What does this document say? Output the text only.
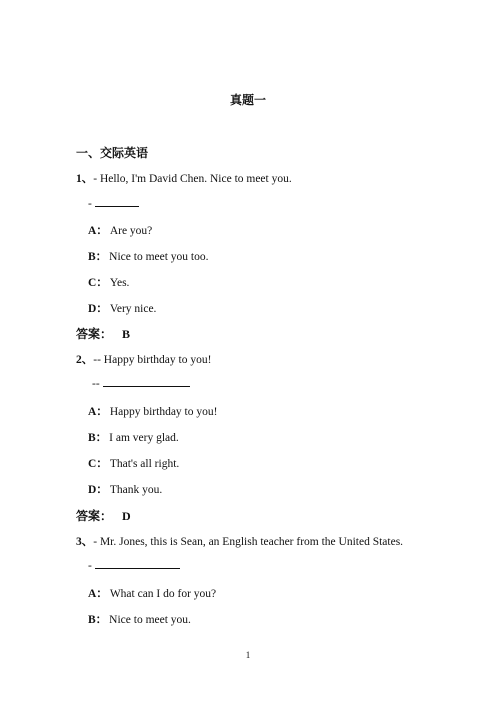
真题一
一、交际英语
1、- Hello, I'm David Chen. Nice to meet you.
-
A： Are you?
B： Nice to meet you too.
C： Yes.
D： Very nice.
答案： B
2、-- Happy birthday to you!
--
A： Happy birthday to you!
B： I am very glad.
C： That's all right.
D： Thank you.
答案： D
3、- Mr. Jones, this is Sean, an English teacher from the United States.
-
A： What can I do for you?
B： Nice to meet you.
1
